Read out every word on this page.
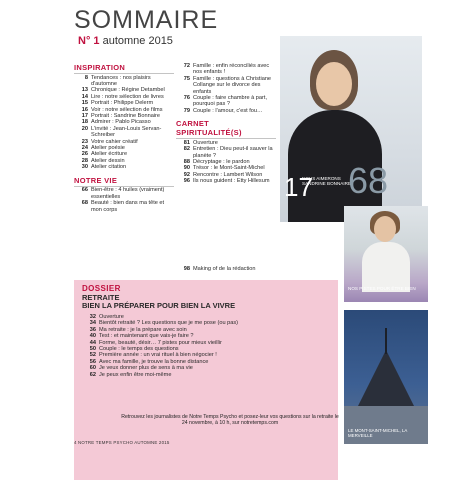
SOMMAIRE
N° 1 automne 2015
INSPIRATION
8 Tendances : nos plaisirs d'automne
13 Chronique : Régine Detambel
14 Lire : notre sélection de livres
15 Portrait : Philippe Delerm
16 Voir : notre sélection de films
17 Portrait : Sandrine Bonnaire
18 Admirer : Pablo Picasso
20 L'invité : Jean-Louis Servan-Schreiber
23 Votre cahier créatif
24 Atelier poésie
26 Atelier écriture
28 Atelier dessin
30 Atelier citation
NOTRE VIE
66 Bien-être : 4 huiles (vraiment) essentielles
68 Beauté : bien dans ma tête et mon corps
72 Famille : enfin réconciliés avec nos enfants !
75 Famille : questions à Christiane Collange sur le divorce des enfants
76 Couple : faire chambre à part, pourquoi pas ?
79 Couple : l'amour, c'est fou…
CARNET SPIRITUALITÉ(S)
81 Ouverture
82 Entretien : Dieu peut-il sauver la planète ?
88 Décryptage : le pardon
90 Trésor : le Mont-Saint-Michel
92 Rencontre : Lambert Wilson
96 Ils nous guident : Etty Hillesum
98 Making of de la rédaction
17
NOUS AIMERONS SANDRINE BONNAIRE
68
NOS PISTES POUR ÊTRE BIEN
DOSSIER
RETRAITE
BIEN LA PRÉPARER POUR BIEN LA VIVRE
32 Ouverture
34 Bientôt retraité ? Les questions que je me pose (ou pas)
36 Ma retraite : je la prépare avec soin
40 Test : et maintenant que vais-je faire ?
44 Forme, beauté, désir… 7 pistes pour mieux vieillir
50 Couple : le temps des questions
52 Première année : un vrai rituel à bien négocier !
56 Avec ma famille, je trouve la bonne distance
60 Je veux donner plus de sens à ma vie
62 Je peux enfin être moi-même
LE MONT-SAINT-MICHEL, LA MERVEILLE
Retrouvez les journalistes de Notre Temps Psycho et posez-leur vos questions sur la retraite le 24 novembre, à 10 h, sur notretemps.com
4 NOTRE TEMPS PSYCHO AUTOMNE 2015
